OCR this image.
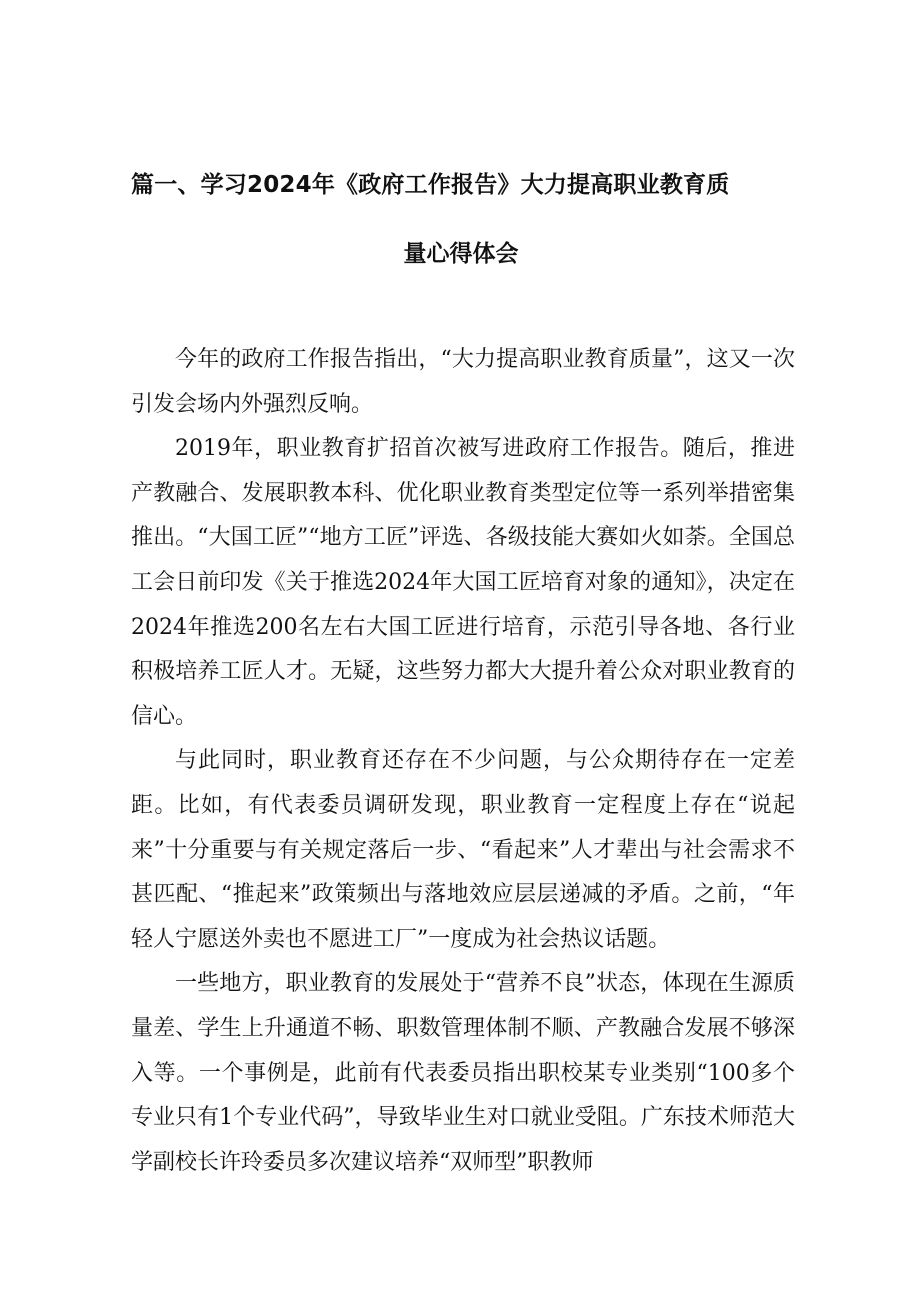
篇一、学习2024年《政府工作报告》大力提高职业教育质
量心得体会

今年的政府工作报告指出，“大力提高职业教育质量”，这又一次引发会场内外强烈反响。

2019年，职业教育扩招首次被写进政府工作报告。随后，推进产教融合、发展职教本科、优化职业教育类型定位等一系列举措密集推出。“大国工匠”“地方工匠”评选、各级技能大赛如火如荼。全国总工会日前印发《关于推选2024年大国工匠培育对象的通知》，决定在2024年推选200名左右大国工匠进行培育，示范引导各地、各行业积极培养工匠人才。无疑，这些努力都大大提升着公众对职业教育的信心。

与此同时，职业教育还存在不少问题，与公众期待存在一定差距。比如，有代表委员调研发现，职业教育一定程度上存在“说起来”十分重要与有关规定落后一步、“看起来”人才辈出与社会需求不甚匹配、“推起来”政策频出与落地效应层层递减的矛盾。之前，“年轻人宁愿送外卖也不愿进工厂”一度成为社会热议话题。

一些地方，职业教育的发展处于“营养不良”状态，体现在生源质量差、学生上升通道不畅、职数管理体制不顺、产教融合发展不够深入等。一个事例是，此前有代表委员指出职校某专业类别“100多个专业只有1个专业代码”，导致毕业生对口就业受阻。广东技术师范大学副校长许玲委员多次建议培养“双师型”职教师
